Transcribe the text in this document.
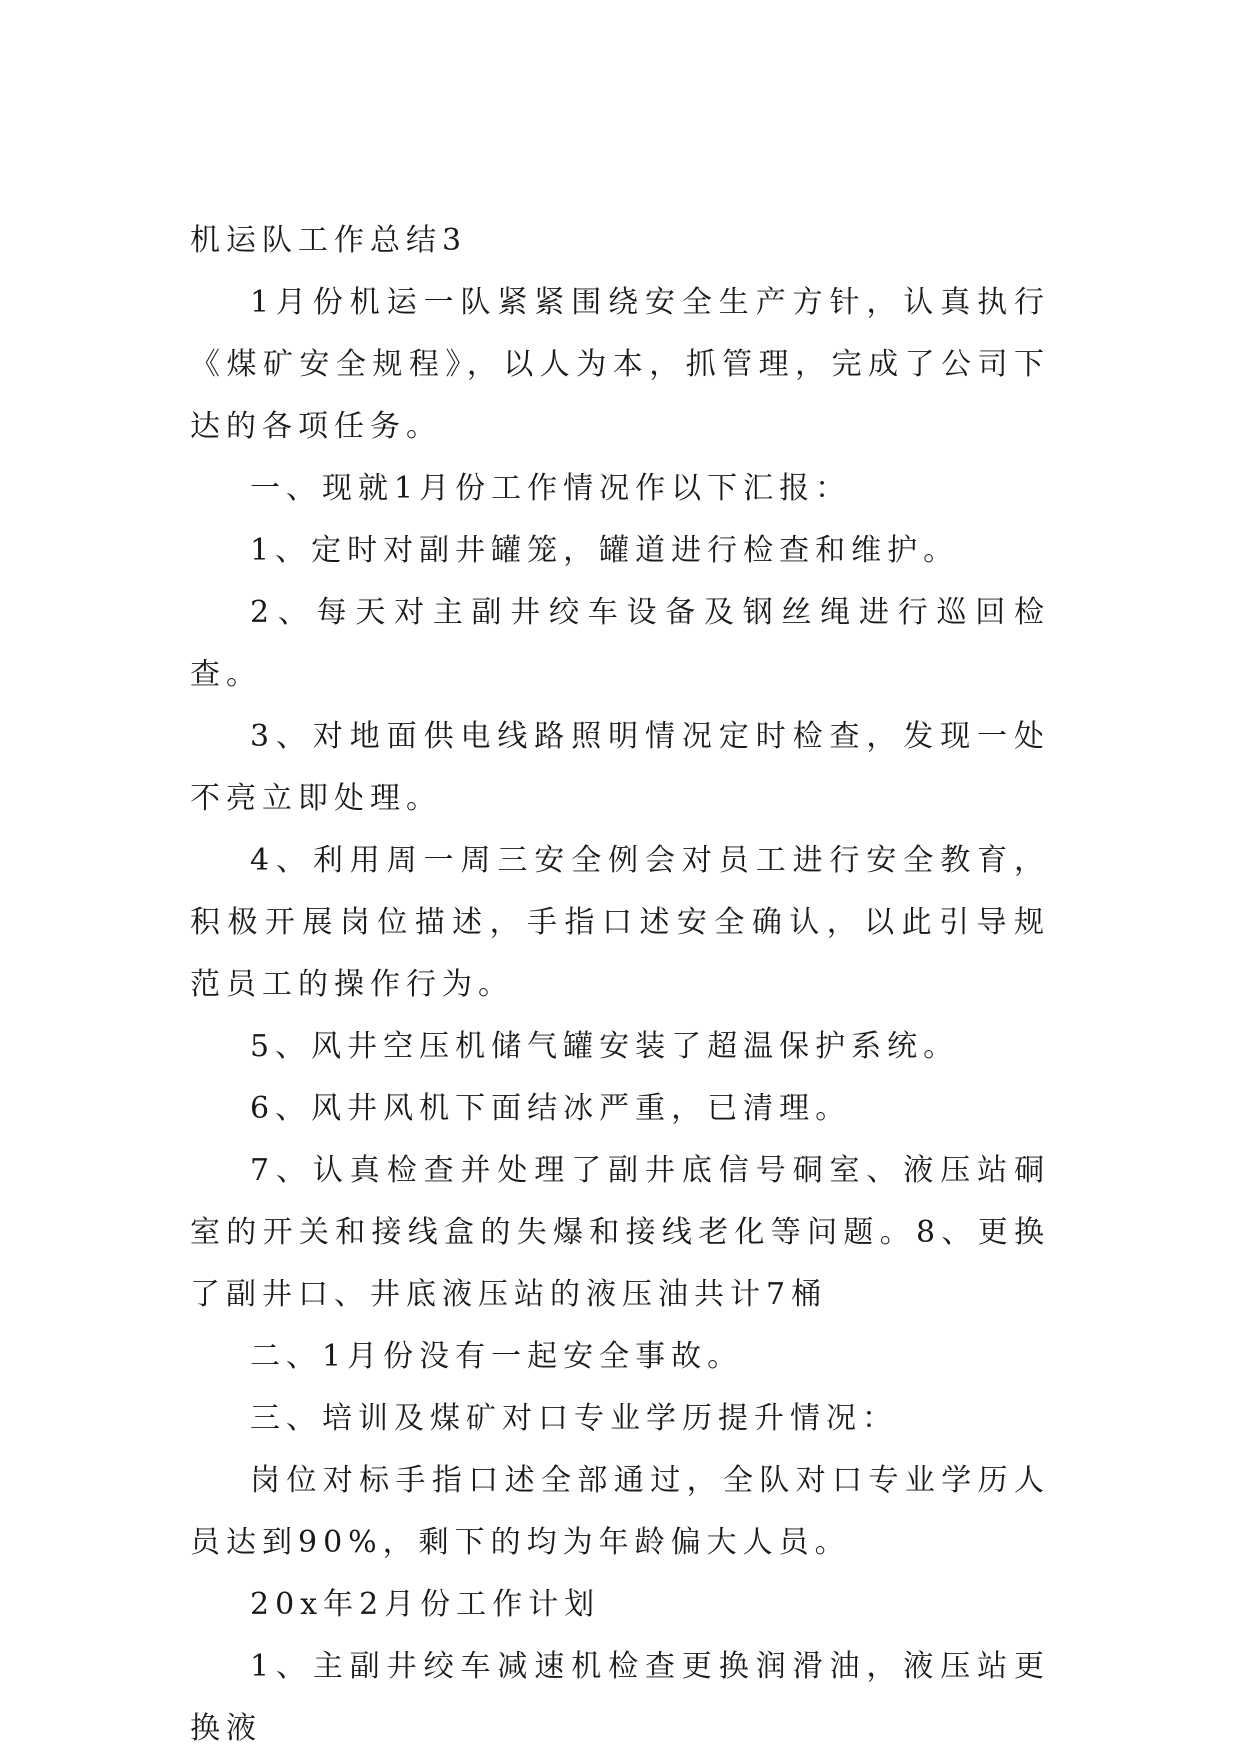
机运队工作总结3

1月份机运一队紧紧围绕安全生产方针，认真执行《煤矿安全规程》，以人为本，抓管理，完成了公司下达的各项任务。

一、现就1月份工作情况作以下汇报：

1、定时对副井罐笼，罐道进行检查和维护。

2、每天对主副井绞车设备及钢丝绳进行巡回检查。

3、对地面供电线路照明情况定时检查，发现一处不亮立即处理。

4、利用周一周三安全例会对员工进行安全教育，积极开展岗位描述，手指口述安全确认，以此引导规范员工的操作行为。

5、风井空压机储气罐安装了超温保护系统。

6、风井风机下面结冰严重，已清理。

7、认真检查并处理了副井底信号硐室、液压站硐室的开关和接线盒的失爆和接线老化等问题。8、更换了副井口、井底液压站的液压油共计7桶

二、1月份没有一起安全事故。

三、培训及煤矿对口专业学历提升情况：

岗位对标手指口述全部通过，全队对口专业学历人员达到90%，剩下的均为年龄偏大人员。

20x年2月份工作计划

1、主副井绞车减速机检查更换润滑油，液压站更换液
